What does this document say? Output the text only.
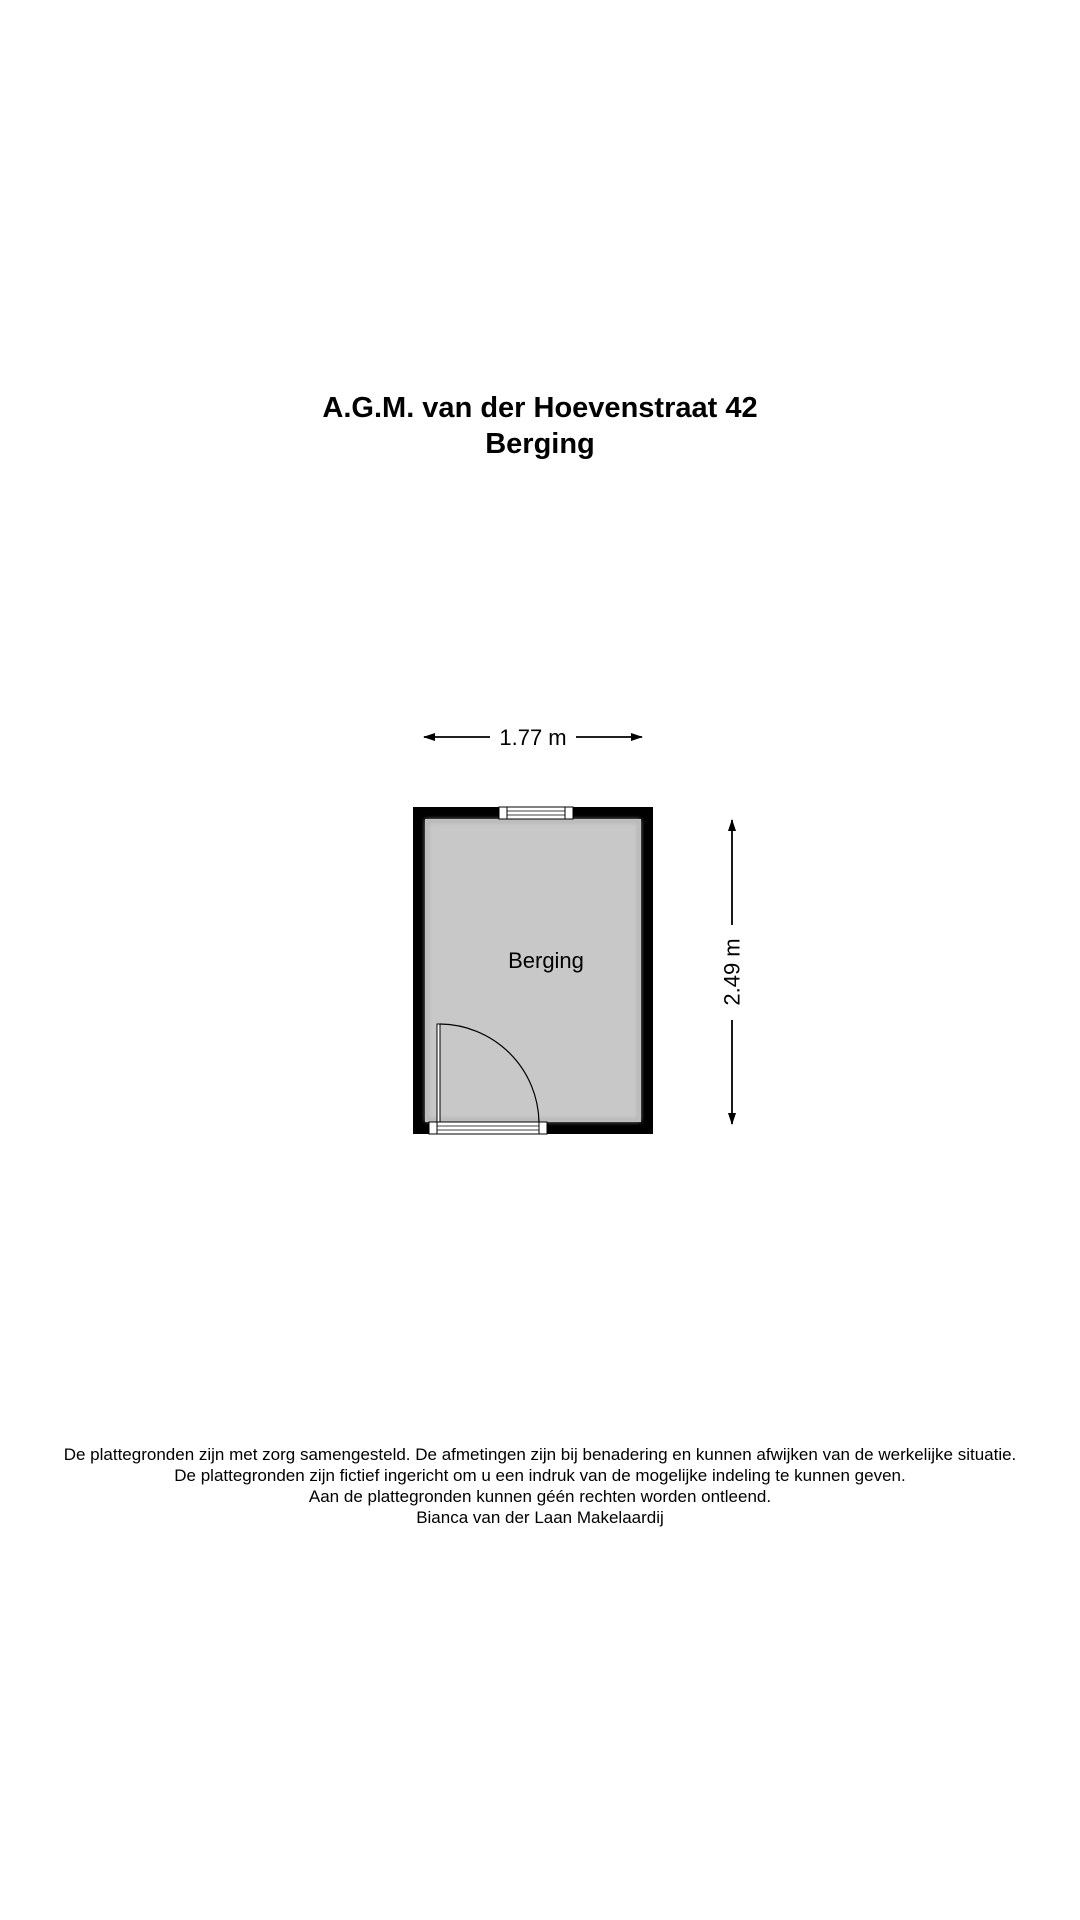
A.G.M. van der Hoevenstraat 42
Berging
1.77 m
2.49 m
Berging
De plattegronden zijn met zorg samengesteld. De afmetingen zijn bij benadering en kunnen afwijken van de werkelijke situatie.
De plattegronden zijn fictief ingericht om u een indruk van de mogelijke indeling te kunnen geven.
Aan de plattegronden kunnen géén rechten worden ontleend.
Bianca van der Laan Makelaardij
